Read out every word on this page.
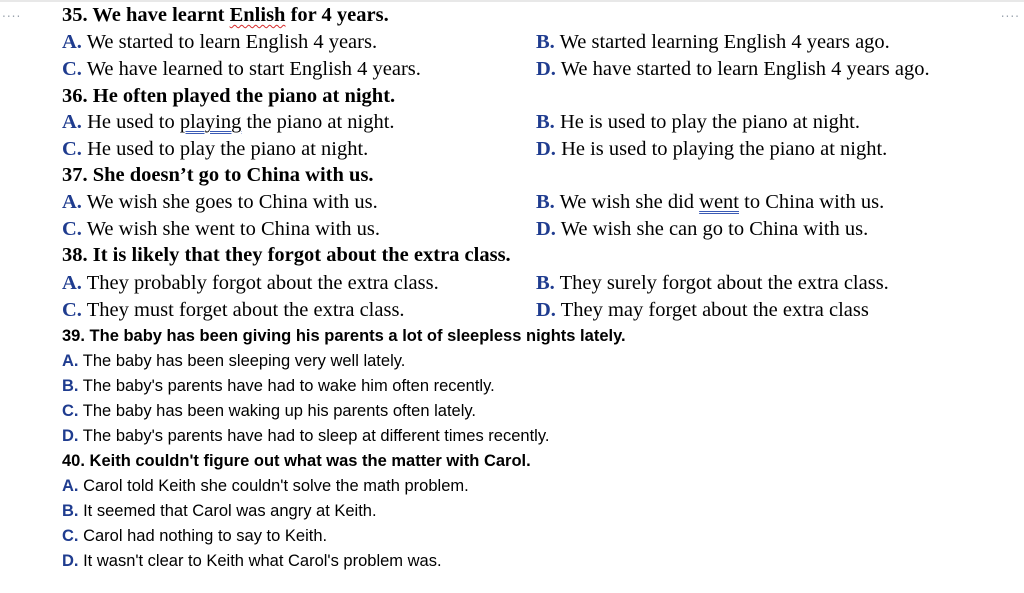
....	....
35. We have learnt Enlish for 4 years.
A. We started to learn English 4 years.	B. We started learning English 4 years ago.
C. We have learned to start English 4 years.	D. We have started to learn English 4 years ago.
36. He often played the piano at night.
A. He used to playing the piano at night.	B. He is used to play the piano at night.
C. He used to play the piano at night.	D. He is used to playing the piano at night.
37. She doesn’t go to China with us.
A. We wish she goes to China with us.	B. We wish she did went to China with us.
C. We wish she went to China with us.	D. We wish she can go to China with us.
38. It is likely that they forgot about the extra class.
A. They probably forgot about the extra class.	B. They surely forgot about the extra class.
C. They must forget about the extra class.	D. They may forget about the extra class
39. The baby has been giving his parents a lot of sleepless nights lately.
A. The baby has been sleeping very well lately.
B. The baby's parents have had to wake him often recently.
C. The baby has been waking up his parents often lately.
D. The baby's parents have had to sleep at different times recently.
40. Keith couldn't figure out what was the matter with Carol.
A. Carol told Keith she couldn't solve the math problem.
B. It seemed that Carol was angry at Keith.
C. Carol had nothing to say to Keith.
D. It wasn't clear to Keith what Carol's problem was.
